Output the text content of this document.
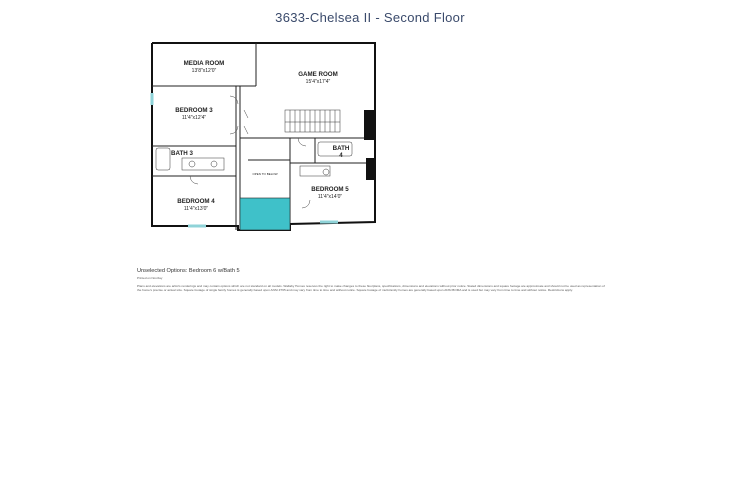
3633-Chelsea II - Second Floor
MEDIA ROOM
13'8"x12'0"	GAME ROOM
15'4"x17'4"
BEDROOM 3
11'4"x12'4"
BATH 3
BATH
4
BEDROOM 4
11'4"x13'0"
BEDROOM 5
11'4"x14'0"
OPEN TO BELOW
Unselected Options: Bedroom 6 w/Bath 5
Printed on Nov/Jay
Plans and elevations are artist's renderings and may contain options which are not standard on all models. Wallaby Homes reserves the right to make changes to these floorplans, specifications, dimensions and elevations without prior notice. Stated dimensions and square footage are approximate and should not be used as representation of the home's precise or actual size. Square footage of single family homes is generally based upon ANSI Z765 and may vary from time to time and without notice. Square footage of multi-family homes are generally based upon ANSI BOMA and is used but may vary from time to time and without notice. Restrictions apply.
